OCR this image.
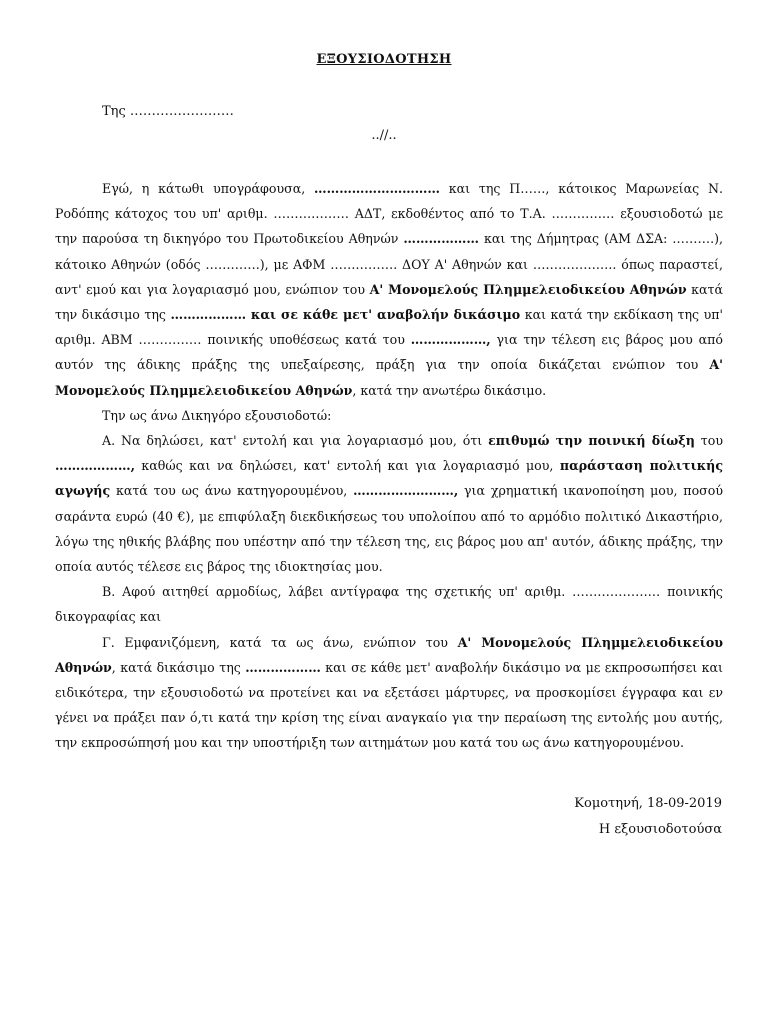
ΕΞΟΥΣΙΟΔΟΤΗΣΗ
Της ……………………
..//..

Εγώ, η κάτωθι υπογράφουσα, ………………………… και της Π……, κάτοικος Μαρωνείας Ν. Ροδόπης κάτοχος του υπ' αριθμ. ……………… ΑΔΤ, εκδοθέντος από το Τ.Α. …………… εξουσιοδοτώ με την παρούσα τη δικηγόρο του Πρωτοδικείου Αθηνών ……………… και της Δήμητρας (ΑΜ ΔΣΑ: ……….), κάτοικο Αθηνών (οδός ………….), με ΑΦΜ ……………. ΔΟΥ Α' Αθηνών και ……………….. όπως παραστεί, αντ' εμού και για λογαριασμό μου, ενώπιον του Α' Μονομελούς Πλημμελειοδικείου Αθηνών κατά την δικάσιμο της ……………… και σε κάθε μετ' αναβολήν δικάσιμο και κατά την εκδίκαση της υπ' αριθμ. ΑΒΜ …………… ποινικής υποθέσεως κατά του ………………, για την τέλεση εις βάρος μου από αυτόν της άδικης πράξης της υπεξαίρεσης, πράξη για την οποία δικάζεται ενώπιον του Α' Μονομελούς Πλημμελειοδικείου Αθηνών, κατά την ανωτέρω δικάσιμο.

Την ως άνω Δικηγόρο εξουσιοδοτώ:

Α. Να δηλώσει, κατ' εντολή και για λογαριασμό μου, ότι επιθυμώ την ποινική δίωξη του ………………, καθώς και να δηλώσει, κατ' εντολή και για λογαριασμό μου, παράσταση πολιτικής αγωγής κατά του ως άνω κατηγορουμένου, ……………………, για χρηματική ικανοποίηση μου, ποσού σαράντα ευρώ (40 €), με επιφύλαξη διεκδικήσεως του υπολοίπου από το αρμόδιο πολιτικό Δικαστήριο, λόγω της ηθικής βλάβης που υπέστην από την τέλεση της, εις βάρος μου απ' αυτόν, άδικης πράξης, την οποία αυτός τέλεσε εις βάρος της ιδιοκτησίας μου.

Β. Αφού αιτηθεί αρμοδίως, λάβει αντίγραφα της σχετικής υπ' αριθμ. ………………… ποινικής δικογραφίας και

Γ. Εμφανιζόμενη, κατά τα ως άνω, ενώπιον του Α' Μονομελούς Πλημμελειοδικείου Αθηνών, κατά δικάσιμο της ……………… και σε κάθε μετ' αναβολήν δικάσιμο να με εκπροσωπήσει και ειδικότερα, την εξουσιοδοτώ να προτείνει και να εξετάσει μάρτυρες, να προσκομίσει έγγραφα και εν γένει να πράξει παν ό,τι κατά την κρίση της είναι αναγκαίο για την περαίωση της εντολής μου αυτής, την εκπροσώπησή μου και την υποστήριξη των αιτημάτων μου κατά του ως άνω κατηγορουμένου.

Κομοτηνή, 18-09-2019
Η εξουσιοδοτούσα
